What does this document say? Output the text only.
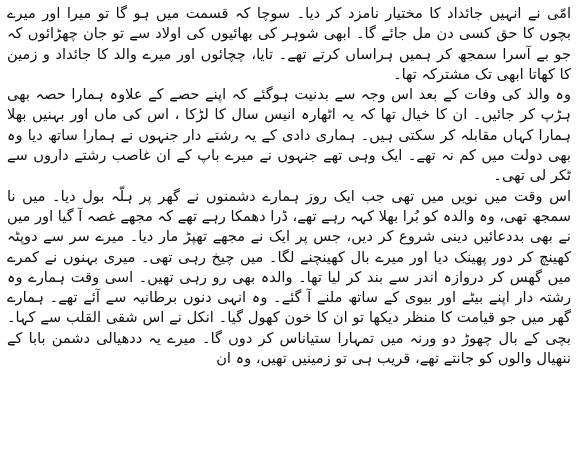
امّی نے انہیں جائداد کا مختیار نامزد کر دیا۔ سوچا کہ قسمت میں ہو گا تو میرا اور میرے بچوں کا حق کسی دن مل جائے گا۔ ابھی شوہر کی بھائیوں کی اولاد سے تو جان چھڑائوں کہ جو بے آسرا سمجھ کر ہمیں ہراساں کرتے تھے۔ تایا، چچائوں اور میرے والد کا جائداد و زمین کا کھاتا ابھی تک مشترکہ تھا۔

وہ والد کی وفات کے بعد اس وجہ سے بدنیت ہوگئے کہ اپنے حصے کے علاوہ ہمارا حصہ بھی ہڑپ کر جائیں۔ ان کا خیال تھا کہ یہ اٹھارہ انیس سال کا لڑکا ، اس کی ماں اور بہنیں بھلا ہمارا کہاں مقابلہ کر سکتی ہیں۔ ہماری دادی کے یہ رشتے دار جنہوں نے ہمارا ساتھ دیا وہ بھی دولت میں کم نہ تھے۔ ایک وہی تھے جنہوں نے میرے باپ کے ان غاصب رشتے داروں سے ٹکر لی تھی۔

اس وقت میں نویں میں تھی جب ایک روز ہمارے دشمنوں نے گھر پر ہلّہ بول دیا۔ میں نا سمجھ تھی، وہ والدہ کو بُرا بھلا کہہ رہے تھے، ڈرا دھمکا رہے تھے کہ مجھے غصہ آ گیا اور میں نے بھی بددعائیں دینی شروع کر دیں، جس پر ایک نے مجھے تھپڑ مار دیا۔ میرے سر سے دوپٹہ کھینچ کر دور پھینک دیا اور میرے بال کھینچنے لگا۔ میں چیخ رہی تھی۔ میری بہنوں نے کمرے میں گھس کر دروازہ اندر سے بند کر لیا تھا۔ والدہ بھی رو رہی تھیں۔ اسی وقت ہمارے وہ رشتہ دار اپنے بیٹے اور بیوی کے ساتھ ملنے آ گئے۔ وہ انہی دنوں برطانیہ سے آئے تھے۔ ہمارے گھر میں جو قیامت کا منظر دیکھا تو ان کا خون کھول گیا۔ انکل نے اس شقی القلب سے کہا۔ بچی کے بال چھوڑ دو ورنہ میں تمہارا ستیاناس کر دوں گا۔ میرے یہ ددھیالی دشمن بابا کے ننھیال والوں کو جانتے تھے، قریب ہی تو زمینیں تھیں، وہ ان
